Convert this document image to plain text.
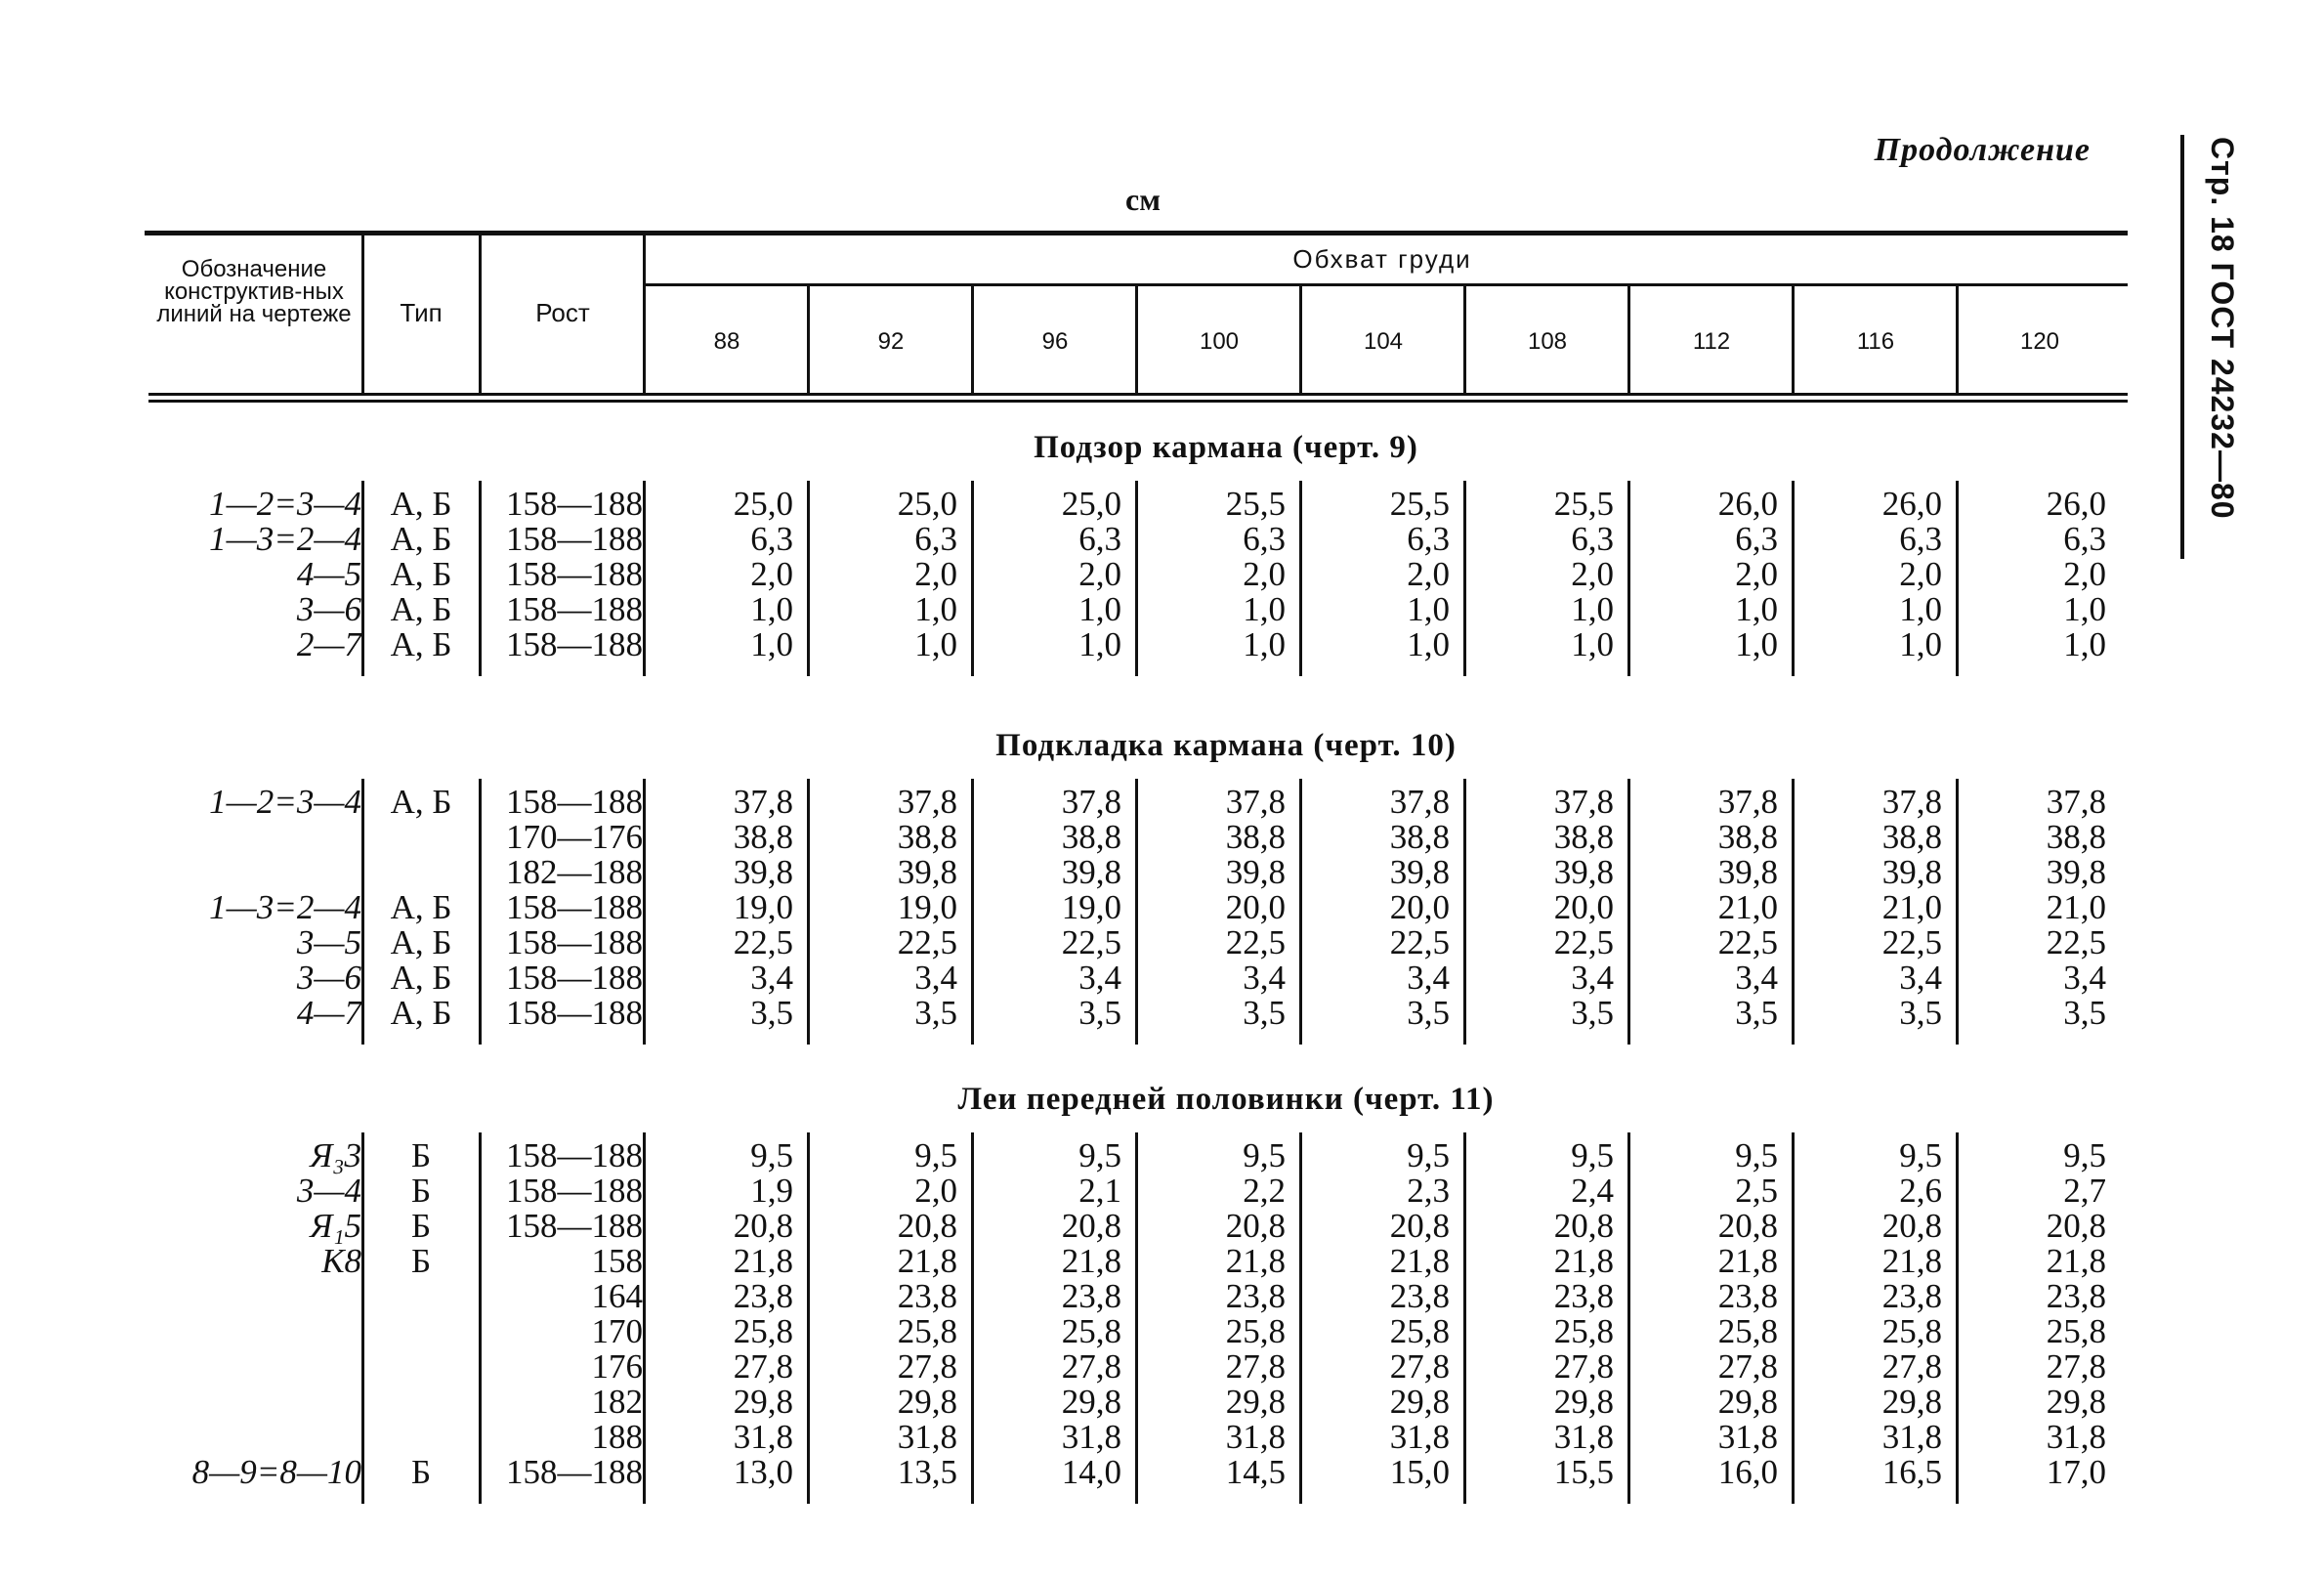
Продолжение
см	Стр. 18 ГОСТ 24232—80
Обозначение конструктив-ных линий на чертеже	Тип	Рост
Обхват груди
88	92	96	100	104	108	112	116	120
Подзор кармана (черт. 9)
1—2=3—4 А, Б	158—188	25,0	25,0	25,0	25,5	25,5	25,5	26,0	26,0	26,0
1—3=2—4 А, Б	158—188	6,3	6,3	6,3	6,3	6,3	6,3	6,3	6,3	6,3
4—5 А, Б	158—188	2,0	2,0	2,0	2,0	2,0	2,0	2,0	2,0	2,0
3—6 А, Б	158—188	1,0	1,0	1,0	1,0	1,0	1,0	1,0	1,0	1,0
2—7 А, Б	158—188	1,0	1,0	1,0	1,0	1,0	1,0	1,0	1,0	1,0
Подкладка кармана (черт. 10)
1—2=3—4 А, Б	158—188	37,8	37,8	37,8	37,8	37,8	37,8	37,8	37,8	37,8
170—176	38,8	38,8	38,8	38,8	38,8	38,8	38,8	38,8	38,8
182—188	39,8	39,8	39,8	39,8	39,8	39,8	39,8	39,8	39,8
1—3=2—4 А, Б	158—188	19,0	19,0	19,0	20,0	20,0	20,0	21,0	21,0	21,0
3—5 А, Б	158—188	22,5	22,5	22,5	22,5	22,5	22,5	22,5	22,5	22,5
3—6 А, Б	158—188	3,4	3,4	3,4	3,4	3,4	3,4	3,4	3,4	3,4
4—7 А, Б	158—188	3,5	3,5	3,5	3,5	3,5	3,5	3,5	3,5	3,5
Леи передней половинки (черт. 11)
Я₃3	Б	158—188	9,5	9,5	9,5	9,5	9,5	9,5	9,5	9,5	9,5
3—4	Б	158—188	1,9	2,0	2,1	2,2	2,3	2,4	2,5	2,6	2,7
Я₁5	Б	158—188	20,8	20,8	20,8	20,8	20,8	20,8	20,8	20,8	20,8
К8	Б	158	21,8	21,8	21,8	21,8	21,8	21,8	21,8	21,8	21,8
164	23,8	23,8	23,8	23,8	23,8	23,8	23,8	23,8	23,8
170	25,8	25,8	25,8	25,8	25,8	25,8	25,8	25,8	25,8
176	27,8	27,8	27,8	27,8	27,8	27,8	27,8	27,8	27,8
182	29,8	29,8	29,8	29,8	29,8	29,8	29,8	29,8	29,8
188	31,8	31,8	31,8	31,8	31,8	31,8	31,8	31,8	31,8
8—9=8—10	Б	158—188	13,0	13,5	14,0	14,5	15,0	15,5	16,0	16,5	17,0
